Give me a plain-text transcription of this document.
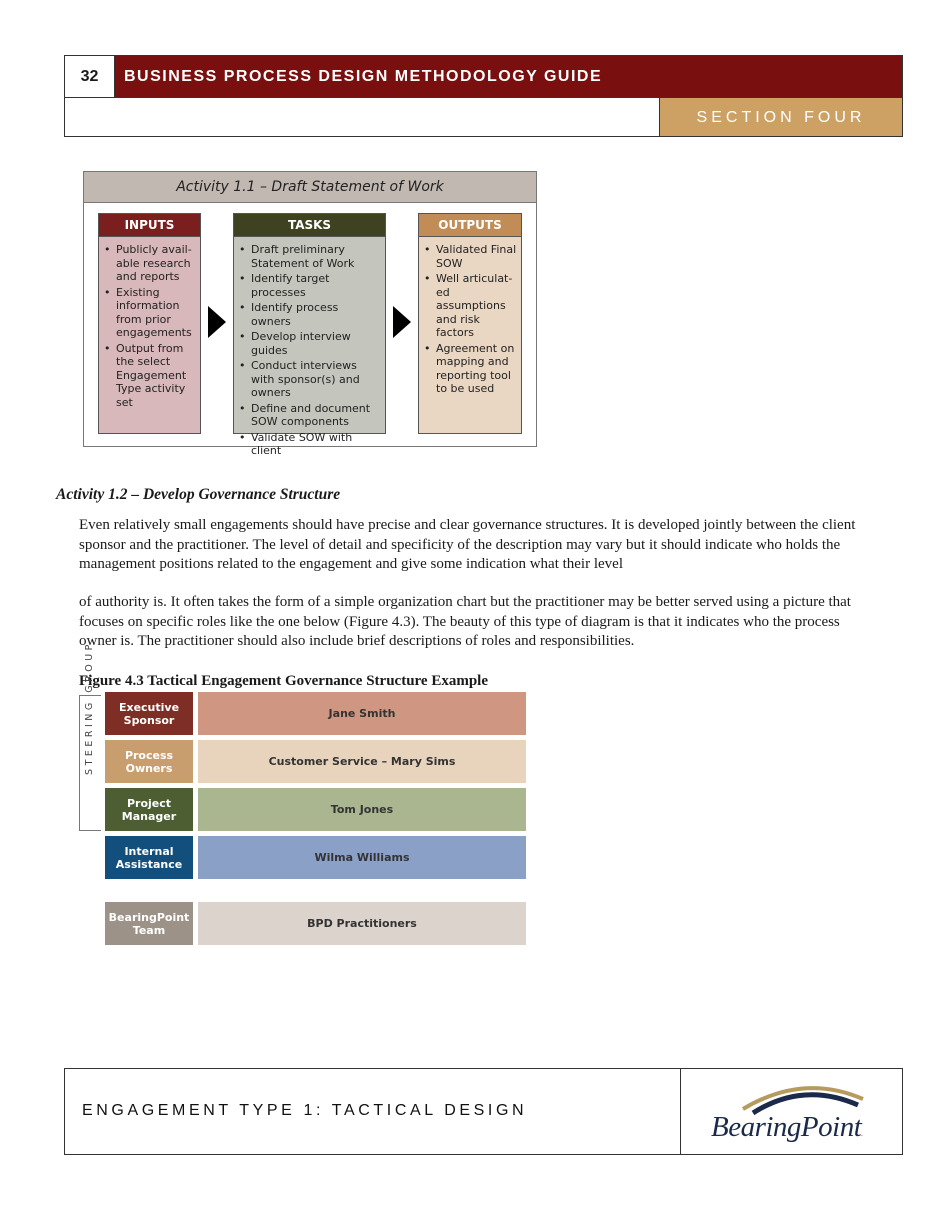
32	BUSINESS PROCESS DESIGN METHODOLOGY GUIDE
SECTION FOUR
Activity 1.1 – Draft Statement of Work
INPUTS
• Publicly avail-able research and reports
• Existing information from prior engagements
• Output from the select Engagement Type activity set
TASKS
• Draft preliminary Statement of Work
• Identify target processes
• Identify process owners
• Develop interview guides
• Conduct interviews with sponsor(s) and owners
• Define and document SOW components
• Validate SOW with client
OUTPUTS
• Validated Final SOW
• Well articulat-ed assumptions and risk factors
• Agreement on mapping and reporting tool to be used
Activity 1.2 – Develop Governance Structure

Even relatively small engagements should have precise and clear governance structures. It is developed jointly between the client sponsor and the practitioner. The level of detail and specificity of the description may vary but it should indicate who holds the management positions related to the engagement and give some indication what their level

of authority is. It often takes the form of a simple organization chart but the practitioner may be better served using a picture that focuses on specific roles like the one below (Figure 4.3). The beauty of this type of diagram is that it indicates who the process owner is. The practitioner should also include brief descriptions of roles and responsibilities.

Figure 4.3 Tactical Engagement Governance Structure Example
STEERING GROUP	Executive Sponsor
Jane Smith
Process Owners
Customer Service – Mary Sims
Project Manager
Tom Jones
Internal Assistance
Wilma Williams
BearingPoint Team
BPD Practitioners
ENGAGEMENT TYPE 1: TACTICAL DESIGN
BearingPoint.
